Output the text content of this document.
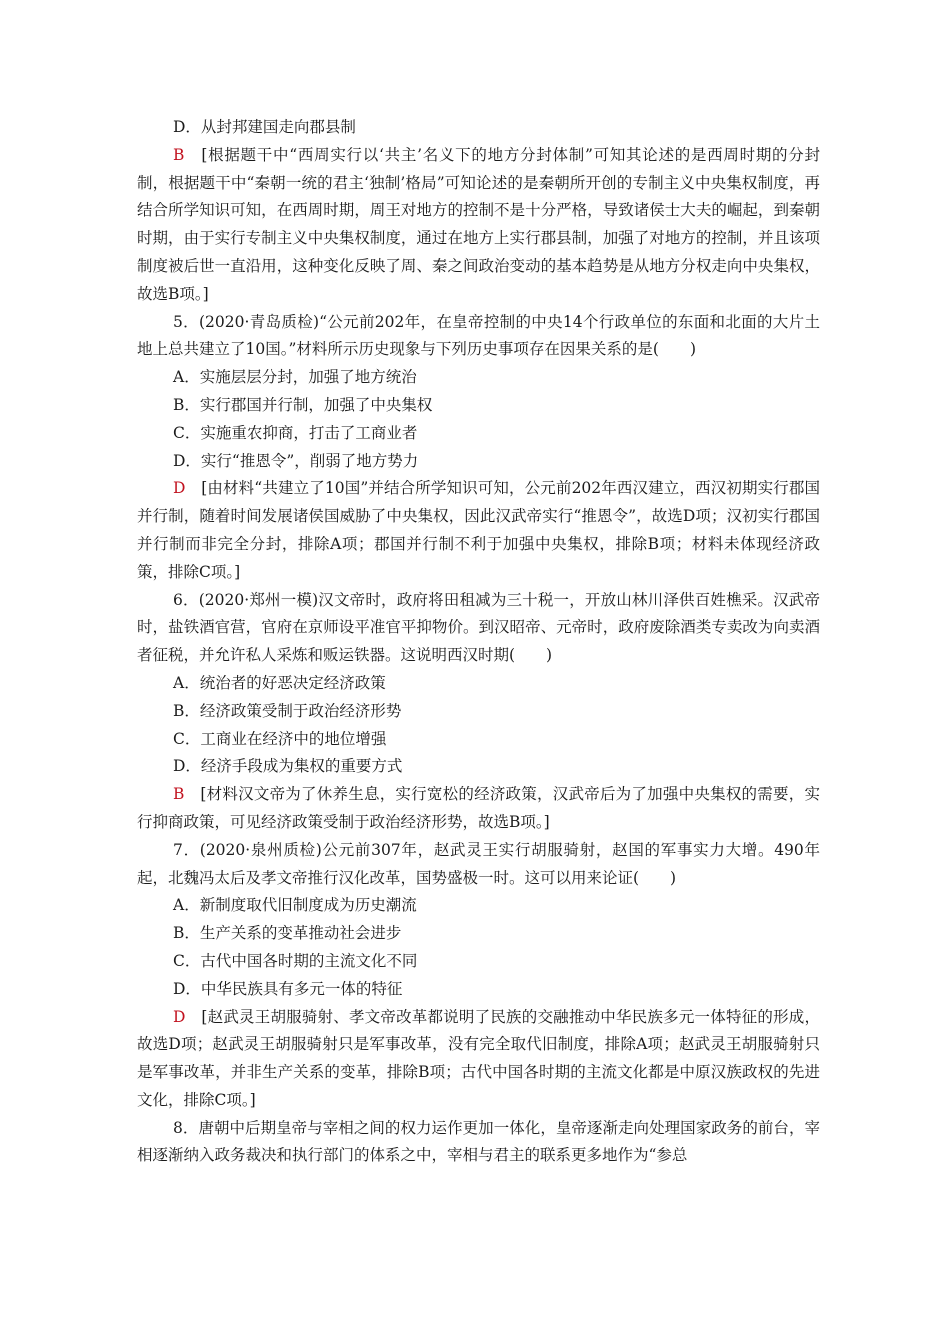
D．从封邦建国走向郡县制

B　 [根据题干中“西周实行以‘共主’名义下的地方分封体制”可知其论述的是西周时期的分封制，根据题干中“秦朝一统的君主‘独制’格局”可知论述的是秦朝所开创的专制主义中央集权制度，再结合所学知识可知，在西周时期，周王对地方的控制不是十分严格，导致诸侯士大夫的崛起，到秦朝时期，由于实行专制主义中央集权制度，通过在地方上实行郡县制，加强了对地方的控制，并且该项制度被后世一直沿用，这种变化反映了周、秦之间政治变动的基本趋势是从地方分权走向中央集权，故选B项。]

5．(2020·青岛质检)“公元前202年，在皇帝控制的中央14个行政单位的东面和北面的大片土地上总共建立了10国。”材料所示历史现象与下列历史事项存在因果关系的是(　　)

A．实施层层分封，加强了地方统治

B．实行郡国并行制，加强了中央集权

C．实施重农抑商，打击了工商业者

D．实行“推恩令”，削弱了地方势力

D　 [由材料“共建立了10国”并结合所学知识可知，公元前202年西汉建立，西汉初期实行郡国并行制，随着时间发展诸侯国威胁了中央集权，因此汉武帝实行“推恩令”，故选D项；汉初实行郡国并行制而非完全分封，排除A项；郡国并行制不利于加强中央集权，排除B项；材料未体现经济政策，排除C项。]

6．(2020·郑州一模)汉文帝时，政府将田租减为三十税一，开放山林川泽供百姓樵采。汉武帝时，盐铁酒官营，官府在京师设平准官平抑物价。到汉昭帝、元帝时，政府废除酒类专卖改为向卖酒者征税，并允许私人采炼和贩运铁器。这说明西汉时期(　　)

A．统治者的好恶决定经济政策

B．经济政策受制于政治经济形势

C．工商业在经济中的地位增强

D．经济手段成为集权的重要方式

B　 [材料汉文帝为了休养生息，实行宽松的经济政策，汉武帝后为了加强中央集权的需要，实行抑商政策，可见经济政策受制于政治经济形势，故选B项。]

7．(2020·泉州质检)公元前307年，赵武灵王实行胡服骑射，赵国的军事实力大增。490年起，北魏冯太后及孝文帝推行汉化改革，国势盛极一时。这可以用来论证(　　)

A．新制度取代旧制度成为历史潮流

B．生产关系的变革推动社会进步

C．古代中国各时期的主流文化不同

D．中华民族具有多元一体的特征

D　 [赵武灵王胡服骑射、孝文帝改革都说明了民族的交融推动中华民族多元一体特征的形成，故选D项；赵武灵王胡服骑射只是军事改革，没有完全取代旧制度，排除A项；赵武灵王胡服骑射只是军事改革，并非生产关系的变革，排除B项；古代中国各时期的主流文化都是中原汉族政权的先进文化，排除C项。]

8．唐朝中后期皇帝与宰相之间的权力运作更加一体化，皇帝逐渐走向处理国家政务的前台，宰相逐渐纳入政务裁决和执行部门的体系之中，宰相与君主的联系更多地作为“参总
